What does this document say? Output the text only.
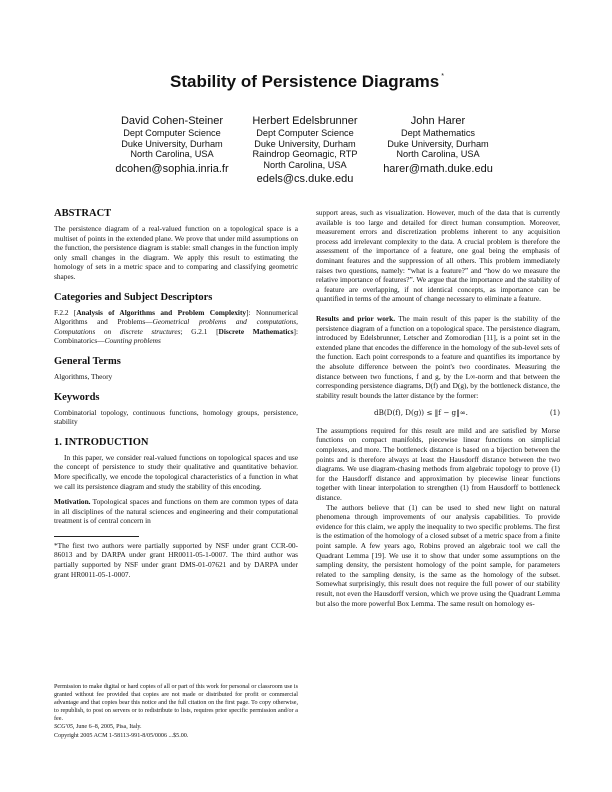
Stability of Persistence Diagrams *
David Cohen-Steiner
Dept Computer Science
Duke University, Durham
North Carolina, USA
dcohen@sophia.inria.fr
Herbert Edelsbrunner
Dept Computer Science
Duke University, Durham
Raindrop Geomagic, RTP
North Carolina, USA
edels@cs.duke.edu
John Harer
Dept Mathematics
Duke University, Durham
North Carolina, USA
harer@math.duke.edu
ABSTRACT

The persistence diagram of a real-valued function on a topological space is a multiset of points in the extended plane. We prove that under mild assumptions on the function, the persistence diagram is stable: small changes in the function imply only small changes in the diagram. We apply this result to estimating the homology of sets in a metric space and to comparing and classifying geometric shapes.

Categories and Subject Descriptors

F.2.2 [Analysis of Algorithms and Problem Complexity]: Nonnumerical Algorithms and Problems—Geometrical problems and computations, Computations on discrete structures; G.2.1 [Discrete Mathematics]: Combinatorics—Counting problems

General Terms

Algorithms, Theory

Keywords

Combinatorial topology, continuous functions, homology groups, persistence, stability

1. INTRODUCTION

In this paper, we consider real-valued functions on topological spaces and use the concept of persistence to study their qualitative and quantitative behavior. More specifically, we encode the topological characteristics of a function in what we call its persistence diagram and study the stability of this encoding.

Motivation. Topological spaces and functions on them are common types of data in all disciplines of the natural sciences and engineering and their computational treatment is of central concern in

*The first two authors were partially supported by NSF under grant CCR-00-86013 and by DARPA under grant HR0011-05-1-0007. The third author was partially supported by NSF under grant DMS-01-07621 and by DARPA under grant HR0011-05-1-0007.

Permission to make digital or hard copies of all or part of this work for personal or classroom use is granted without fee provided that copies are not made or distributed for profit or commercial advantage and that copies bear this notice and the full citation on the first page. To copy otherwise, to republish, to post on servers or to redistribute to lists, requires prior specific permission and/or a fee.

SCG'05, June 6–8, 2005, Pisa, Italy.

Copyright 2005 ACM 1-58113-991-8/05/0006 ...$5.00.

support areas, such as visualization. However, much of the data that is currently available is too large and detailed for direct human consumption. Moreover, measurement errors and discretization problems inherent to any acquisition process add irrelevant complexity to the data. A crucial problem is therefore the assessment of the importance of a feature, one goal being the emphasis of dominant features and the suppression of all others. This problem immediately raises two questions, namely: “what is a feature?” and “how do we measure the relative importance of features?”. We argue that the importance and the stability of a feature are overlapping, if not identical concepts, as importance can be quantified in terms of the amount of change necessary to eliminate a feature.

Results and prior work. The main result of this paper is the stability of the persistence diagram of a function on a topological space. The persistence diagram, introduced by Edelsbrunner, Letscher and Zomorodian [11], is a point set in the extended plane that encodes the difference in the homology of the sub-level sets of the function. Each point corresponds to a feature and quantifies its importance by the absolute difference between the point's two coordinates. Measuring the distance between two functions, f and g, by the L∞-norm and that between the corresponding persistence diagrams, D(f) and D(g), by the bottleneck distance, the stability result bounds the latter distance by the former:

dB(D(f), D(g)) ≤ ‖f − g‖∞.	(1)

The assumptions required for this result are mild and are satisfied by Morse functions on compact manifolds, piecewise linear functions on simplicial complexes, and more. The bottleneck distance is based on a bijection between the points and is therefore always at least the Hausdorff distance between the two diagrams. We use diagram-chasing methods from algebraic topology to prove (1) for the Hausdorff distance and approximation by piecewise linear functions together with linear interpolation to strengthen (1) from Hausdorff to bottleneck distance.

The authors believe that (1) can be used to shed new light on natural phenomena through improvements of our analysis capabilities. To provide evidence for this claim, we apply the inequality to two specific problems. The first is the estimation of the homology of a closed subset of a metric space from a finite point sample. A few years ago, Robins proved an algebraic tool we call the Quadrant Lemma [19]. We use it to show that under some assumptions on the sampling density, the persistent homology of the point sample, for parameters related to the sampling density, is the same as the homology of the subset. Somewhat surprisingly, this result does not require the full power of our stability result, not even the Hausdorff version, which we prove using the Quadrant Lemma but also the more powerful Box Lemma. The same result on homology es-
